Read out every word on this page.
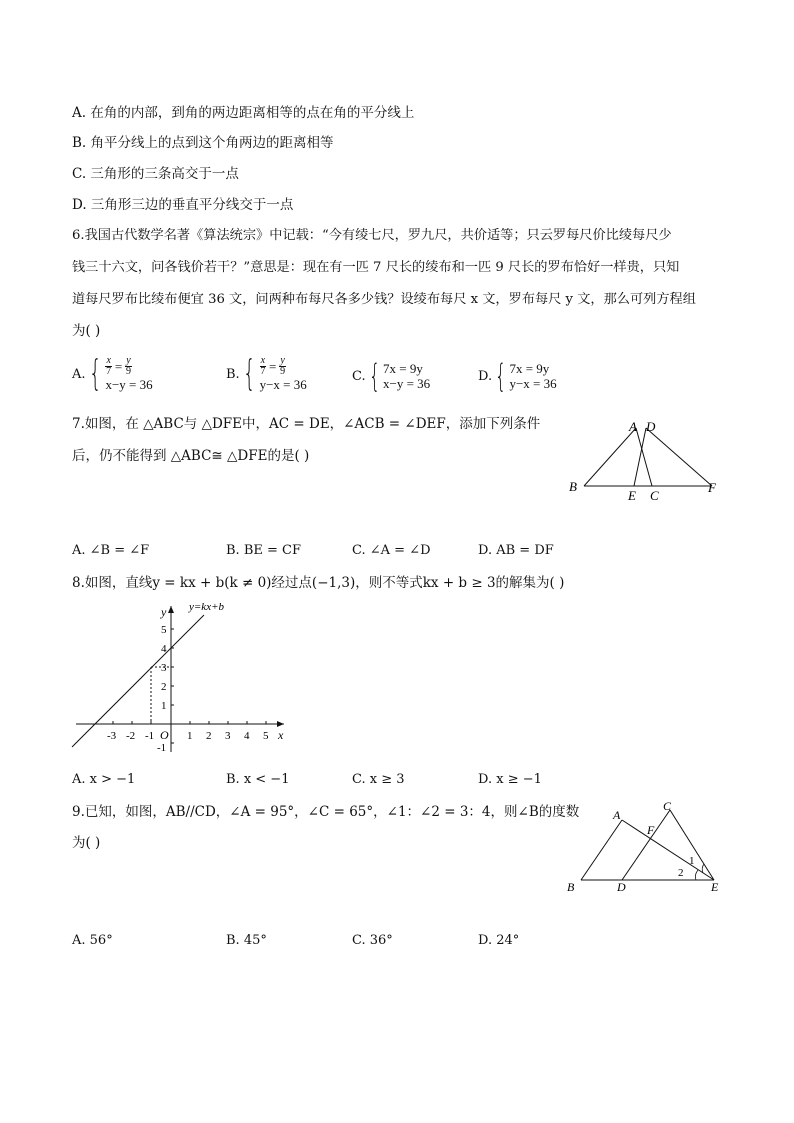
A. 在角的内部，到角的两边距离相等的点在角的平分线上
B. 角平分线上的点到这个角两边的距离相等
C. 三角形的三条高交于一点
D. 三角形三边的垂直平分线交于一点
6.我国古代数学名著《算法统宗》中记载：“今有绫七尺，罗九尺，共价适等；只云罗每尺价比绫每尺少
钱三十六文，问各钱价若干？”意思是：现在有一匹 7 尺长的绫布和一匹 9 尺长的罗布恰好一样贵，只知
道每尺罗布比绫布便宜 36 文，问两种布每尺各多少钱？设绫布每尺 x 文，罗布每尺 y 文，那么可列方程组
为( )
A. { $\frac{x}{7} = \frac{y}{9}$
x−y = 36
B. { $\frac{x}{7} = \frac{y}{9}$
y−x = 36
C. { 7x = 9y
x−y = 36	D. { 7x = 9y
y−x = 36
7.如图，在 △ABC与 △DFE中，AC = DE，∠ACB = ∠DEF，添加下列条件
后，仍不能得到 △ABC≅ △DFE的是( )
A D
B
E C
F
A. ∠B = ∠F	B. BE = CF	C. ∠A = ∠D	D. AB = DF
8.如图，直线y = kx + b(k ≠ 0)经过点(−1,3)，则不等式kx + b ≥ 3的解集为( )
y=kx+b
x
y
O
-3 -2 -1	1 2 3 4 5
5
4
3
2
1
-1
A. x > −1	B. x < −1	C. x ≥ 3	D. x ≥ −1
9.已知，如图，AB//CD，∠A = 95°，∠C = 65°，∠1：∠2 = 3：4，则∠B的度数
为( )
A
C
F
B	D	E
1
2
A. 56°	B. 45°	C. 36°	D. 24°
